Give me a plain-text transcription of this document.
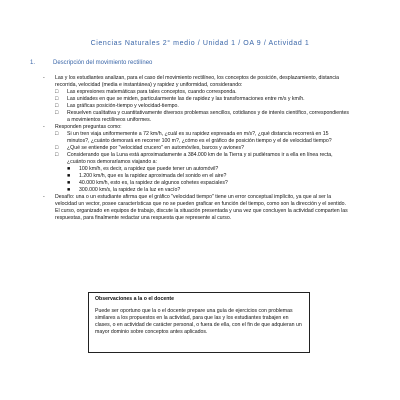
Ciencias Naturales 2° medio / Unidad 1 / OA 9 / Actividad 1
1.	Descripción del movimiento rectilíneo
-	Las y los estudiantes analizan, para el caso del movimiento rectilíneo, los conceptos de posición, desplazamiento, distancia recorrida, velocidad (media e instantánea) y rapidez y uniformidad, considerando:
□	Las expresiones matemáticas para tales conceptos, cuando corresponda.
□	Las unidades en que se miden, particularmente las de rapidez y las transformaciones entre m/s y km/h.
□	Las gráficas posición-tiempo y velocidad-tiempo.
□	Resuelven cualitativa y cuantitativamente diversos problemas sencillos, cotidianos y de interés científico, correspondientes a movimientos rectilíneos uniformes.
-	Responden preguntas como:
□	Si un tren viaja uniformemente a 72 km/h, ¿cuál es su rapidez expresada en m/s?, ¿qué distancia recorrerá en 15 minutos?, ¿cuánto demorará en recorrer 100 m?, ¿cómo es el gráfico de posición tiempo y el de velocidad tiempo?
□	¿Qué se entiende por "velocidad crucero" en automóviles, barcos y aviones?
□	Considerando que la Luna está aproximadamente a 384.000 km de la Tierra y si pudiéramos ir a ella en línea recta, ¿cuánto nos demoraríamos viajando a:
■	100 km/h, es decir, a rapidez que puede tener un automóvil?
■	1.200 km/h, que es la rapidez aproximada del sonido en el aire?
■	40.000 km/h, esto es, la rapidez de algunos cohetes espaciales?
■	300.000 km/s, la rapidez de la luz en vacío?
-	Desafío: una o un estudiante afirma que el gráfico "velocidad tiempo" tiene un error conceptual implícito, ya que al ser la velocidad un vector, posee características que no se pueden graficar en función del tiempo, como son la dirección y el sentido. El curso, organizado en equipos de trabajo, discute la situación presentada y una vez que concluyen la actividad comparten las respuestas, para finalmente redactar una respuesta que represente al curso.
Observaciones a la o el docente
Puede ser oportuno que la o el docente prepare una guía de ejercicios con problemas similares a los propuestos en la actividad, para que las y los estudiantes trabajen en clases, o en actividad de carácter personal, o fuera de ella, con el fin de que adquieran un mayor dominio sobre conceptos antes aplicados.
